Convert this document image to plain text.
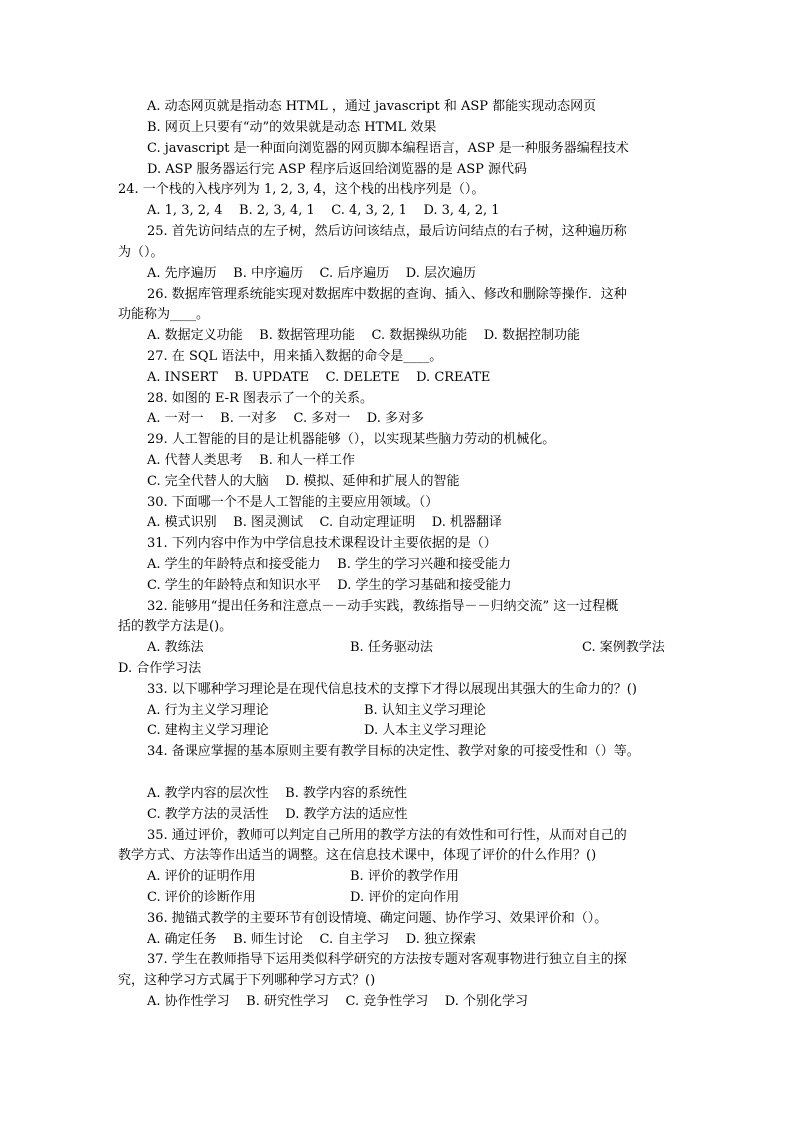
A. 动态网页就是指动态 HTML ，通过 javascript 和 ASP 都能实现动态网页
B. 网页上只要有“动”的效果就是动态 HTML 效果
C. javascript 是一种面向浏览器的网页脚本编程语言，ASP 是一种服务器编程技术
D. ASP 服务器运行完 ASP 程序后返回给浏览器的是 ASP 源代码
24. 一个栈的入栈序列为 1, 2, 3, 4，这个栈的出栈序列是（）。
A. 1, 3, 2, 4    B. 2, 3, 4, 1    C. 4, 3, 2, 1    D. 3, 4, 2, 1
25. 首先访问结点的左子树，然后访问该结点，最后访问结点的右子树，这种遍历称
为（）。
A. 先序遍历    B. 中序遍历    C. 后序遍历    D. 层次遍历
26. 数据库管理系统能实现对数据库中数据的查询、插入、修改和删除等操作．这种
功能称为____。
A. 数据定义功能    B. 数据管理功能    C. 数据操纵功能    D. 数据控制功能
27. 在 SQL 语法中，用来插入数据的命令是____。
A. INSERT    B. UPDATE    C. DELETE    D. CREATE
28. 如图的 E-R 图表示了一个的关系。
A. 一对一    B. 一对多    C. 多对一    D. 多对多
29. 人工智能的目的是让机器能够（），以实现某些脑力劳动的机械化。
A. 代替人类思考    B. 和人一样工作
C. 完全代替人的大脑    D. 模拟、延伸和扩展人的智能
30. 下面哪一个不是人工智能的主要应用领域。（）
A. 模式识别    B. 图灵测试    C. 自动定理证明    D. 机器翻译
31. 下列内容中作为中学信息技术课程设计主要依据的是（）
A. 学生的年龄特点和接受能力    B. 学生的学习兴趣和接受能力
C. 学生的年龄特点和知识水平    D. 学生的学习基础和接受能力
32. 能够用“提出任务和注意点－－动手实践，教练指导－－归纳交流” 这一过程概
括的教学方法是()。
A. 教练法	B. 任务驱动法	C. 案例教学法
D. 合作学习法
33. 以下哪种学习理论是在现代信息技术的支撑下才得以展现出其强大的生命力的？()
A. 行为主义学习理论	B. 认知主义学习理论
C. 建构主义学习理论	D. 人本主义学习理论
34. 备课应掌握的基本原则主要有教学目标的决定性、教学对象的可接受性和（）等。
A. 教学内容的层次性    B. 教学内容的系统性
C. 教学方法的灵活性    D. 教学方法的适应性
35. 通过评价，教师可以判定自己所用的教学方法的有效性和可行性，从而对自己的
教学方式、方法等作出适当的调整。这在信息技术课中，体现了评价的什么作用？()
A. 评价的证明作用	B. 评价的教学作用
C. 评价的诊断作用	D. 评价的定向作用
36. 抛锚式教学的主要环节有创设情境、确定问题、协作学习、效果评价和（）。
A. 确定任务    B. 师生讨论    C. 自主学习    D. 独立探索
37. 学生在教师指导下运用类似科学研究的方法按专题对客观事物进行独立自主的探
究，这种学习方式属于下列哪种学习方式？()
A. 协作性学习    B. 研究性学习    C. 竞争性学习    D. 个别化学习
